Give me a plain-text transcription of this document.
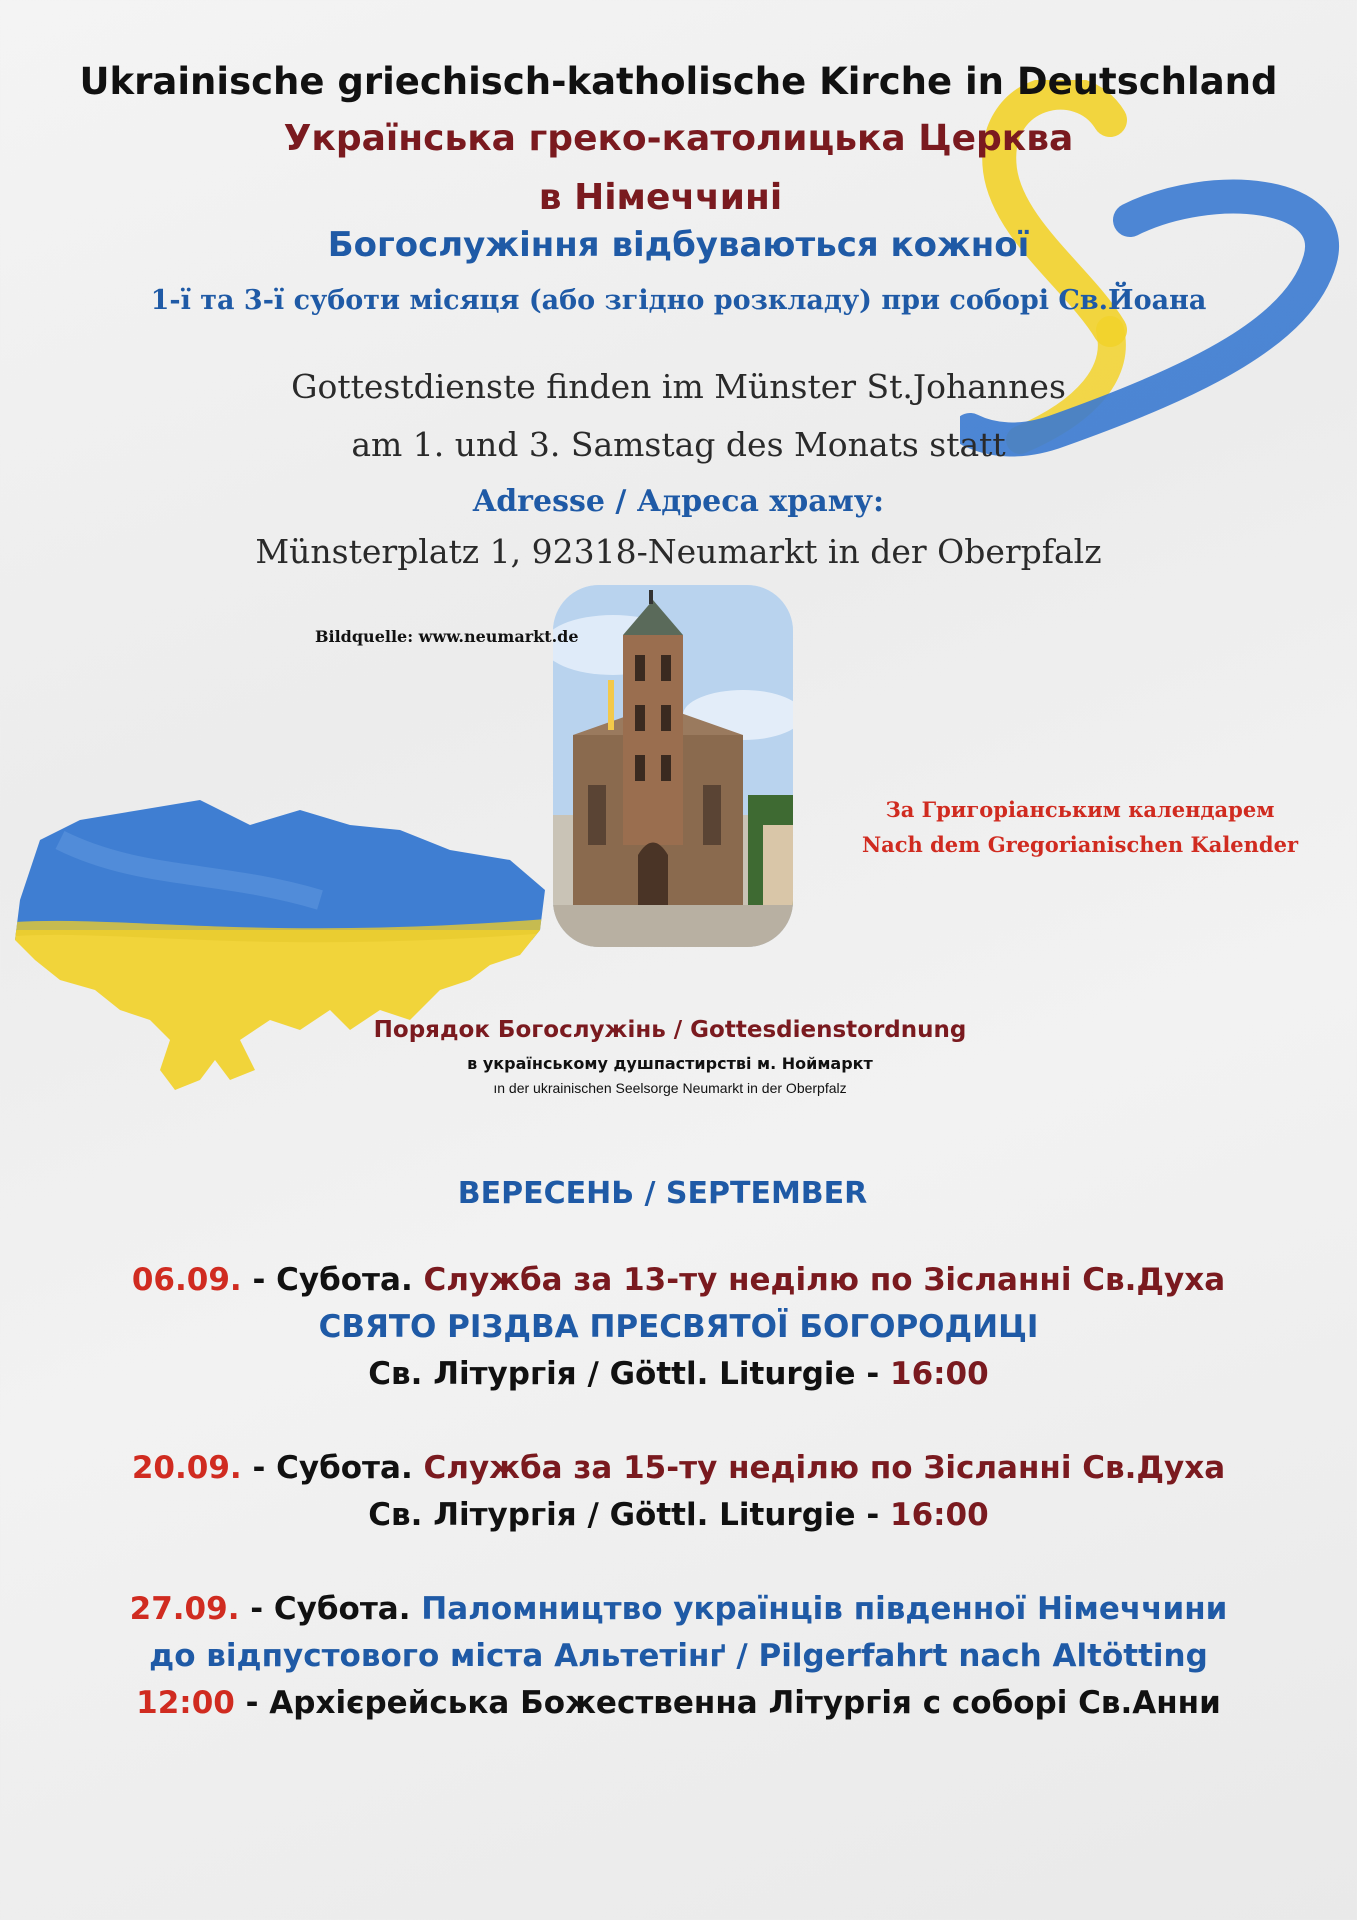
Ukrainische griechisch-katholische Kirche in Deutschland
Українська греко-католицька Церква
в Німеччині
Богослужіння відбуваються кожної
1-ї та 3-ї суботи місяця (або згідно розкладу) при соборі Св.Йоана
Gottestdienste finden im Münster St.Johannes
am 1. und 3. Samstag des Monats statt
Adresse / Адреса храму:
Münsterplatz 1, 92318-Neumarkt in der Oberpfalz
Bildquelle: www.neumarkt.de
За Григоріанським календарем
Nach dem Gregorianischen Kalender
Порядок Богослужінь / Gottesdienstordnung
в українському душпастирстві м. Ноймаркт
ın der ukrainischen Seelsorge Neumarkt in der Oberpfalz
ВЕРЕСЕНЬ / SEPTEMBER
06.09. - Субота. Служба за 13-ту неділю по Зісланні Св.Духа
СВЯТО РІЗДВА ПРЕСВЯТОЇ БОГОРОДИЦІ
Св. Літургія / Göttl. Liturgie - 16:00
20.09. - Субота. Служба за 15-ту неділю по Зісланні Св.Духа
Св. Літургія / Göttl. Liturgie - 16:00
27.09. - Субота. Паломництво українців південної Німеччини
до відпустового міста Альтетінґ / Pilgerfahrt nach Altötting
12:00 - Архієрейська Божественна Літургія с соборі Св.Анни
